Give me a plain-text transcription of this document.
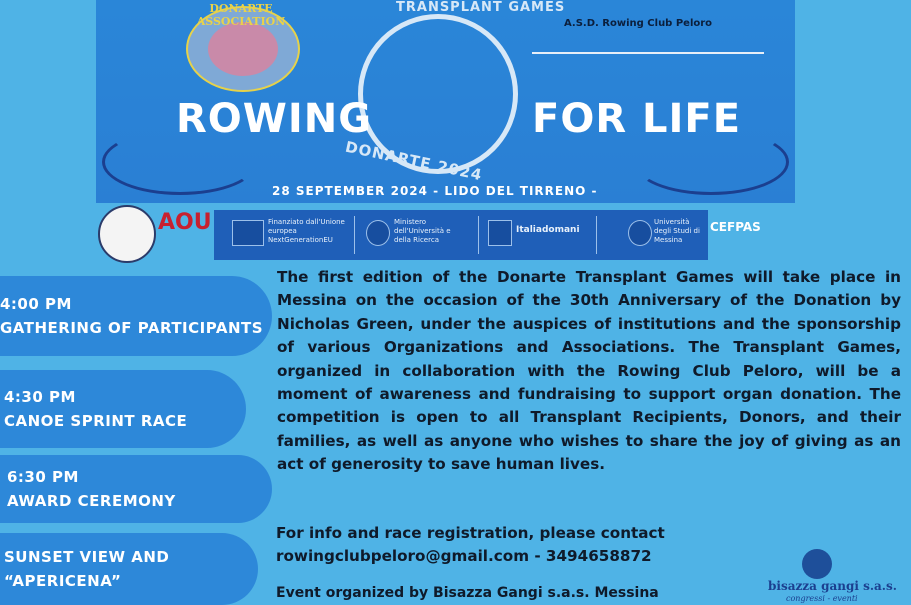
DONARTE ASSOCIATION
TRANSPLANT GAMES
DONARTE 2024
ROWING	FOR LIFE
A.S.D. Rowing Club Peloro
28 SEPTEMBER 2024 - LIDO DEL TIRRENO -
AOU	Finanziato dall'Unione europea NextGenerationEU
Ministero dell'Università e della Ricerca
Italiadomani
Università degli Studi di Messina
CEFPAS
4:00 PM
GATHERING OF PARTICIPANTS
4:30 PM
CANOE SPRINT RACE
6:30 PM
AWARD CEREMONY
SUNSET VIEW AND
“APERICENA”
The first edition of the Donarte Transplant Games will take place in Messina on the occasion of the 30th Anniversary of the Donation by Nicholas Green, under the auspices of institutions and the sponsorship of various Organizations and Associations. The Transplant Games, organized in collaboration with the Rowing Club Peloro, will be a moment of awareness and fundraising to support organ donation. The competition is open to all Transplant Recipients, Donors, and their families, as well as anyone who wishes to share the joy of giving as an act of generosity to save human lives.
For info and race registration, please contact
rowingclubpeloro@gmail.com - 3494658872
Event organized by Bisazza Gangi s.a.s. Messina	bisazza gangi s.a.s.
congressi - eventi
